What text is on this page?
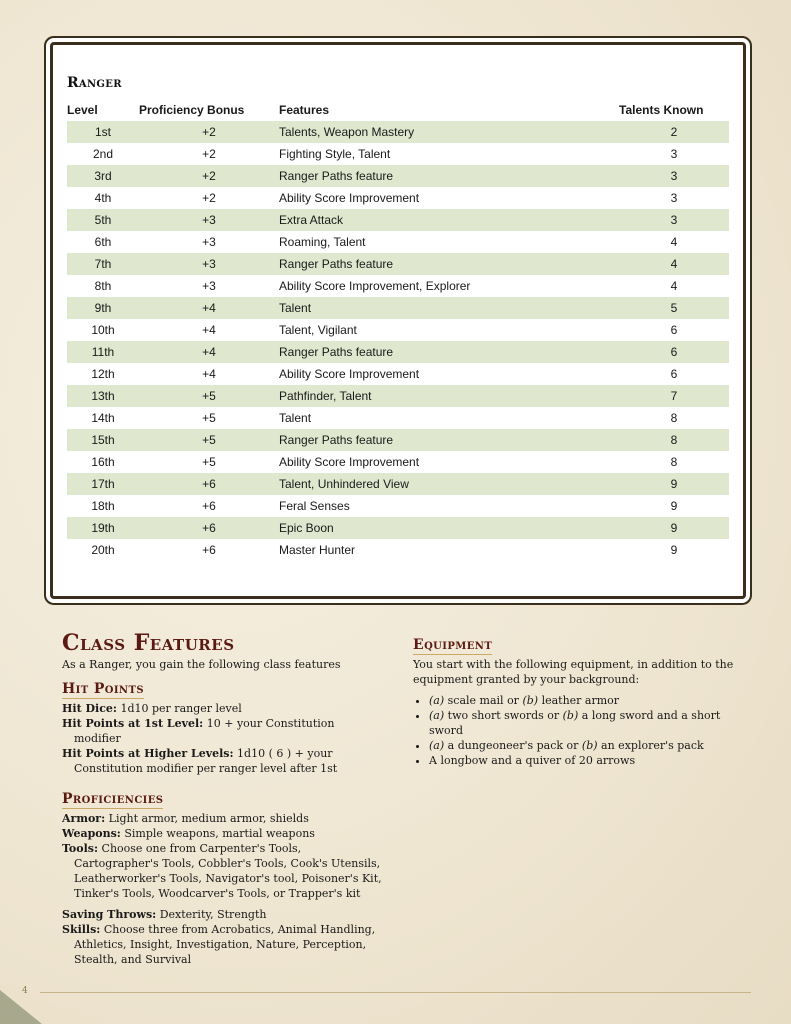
Ranger
Level	Proficiency Bonus	Features	Talents Known
1st	+2	Talents, Weapon Mastery	2
2nd	+2	Fighting Style, Talent	3
3rd	+2	Ranger Paths feature	3
4th	+2	Ability Score Improvement	3
5th	+3	Extra Attack	3
6th	+3	Roaming, Talent	4
7th	+3	Ranger Paths feature	4
8th	+3	Ability Score Improvement, Explorer	4
9th	+4	Talent	5
10th	+4	Talent, Vigilant	6
11th	+4	Ranger Paths feature	6
12th	+4	Ability Score Improvement	6
13th	+5	Pathfinder, Talent	7
14th	+5	Talent	8
15th	+5	Ranger Paths feature	8
16th	+5	Ability Score Improvement	8
17th	+6	Talent, Unhindered View	9
18th	+6	Feral Senses	9
19th	+6	Epic Boon	9
20th	+6	Master Hunter	9
Class Features

As a Ranger, you gain the following class features

Hit Points

Hit Dice: 1d10 per ranger level

Hit Points at 1st Level: 10 + your Constitution modifier

Hit Points at Higher Levels: 1d10 ( 6 ) + your Constitution modifier per ranger level after 1st

Proficiencies

Armor: Light armor, medium armor, shields

Weapons: Simple weapons, martial weapons

Tools: Choose one from Carpenter's Tools, Cartographer's Tools, Cobbler's Tools, Cook's Utensils, Leatherworker's Tools, Navigator's tool, Poisoner's Kit, Tinker's Tools, Woodcarver's Tools, or Trapper's kit

Saving Throws: Dexterity, Strength

Skills: Choose three from Acrobatics, Animal Handling, Athletics, Insight, Investigation, Nature, Perception, Stealth, and Survival

Equipment

You start with the following equipment, in addition to the equipment granted by your background:

• (a) scale mail or (b) leather armor
• (a) two short swords or (b) a long sword and a short sword
• (a) a dungeoneer's pack or (b) an explorer's pack
• A longbow and a quiver of 20 arrows
4
